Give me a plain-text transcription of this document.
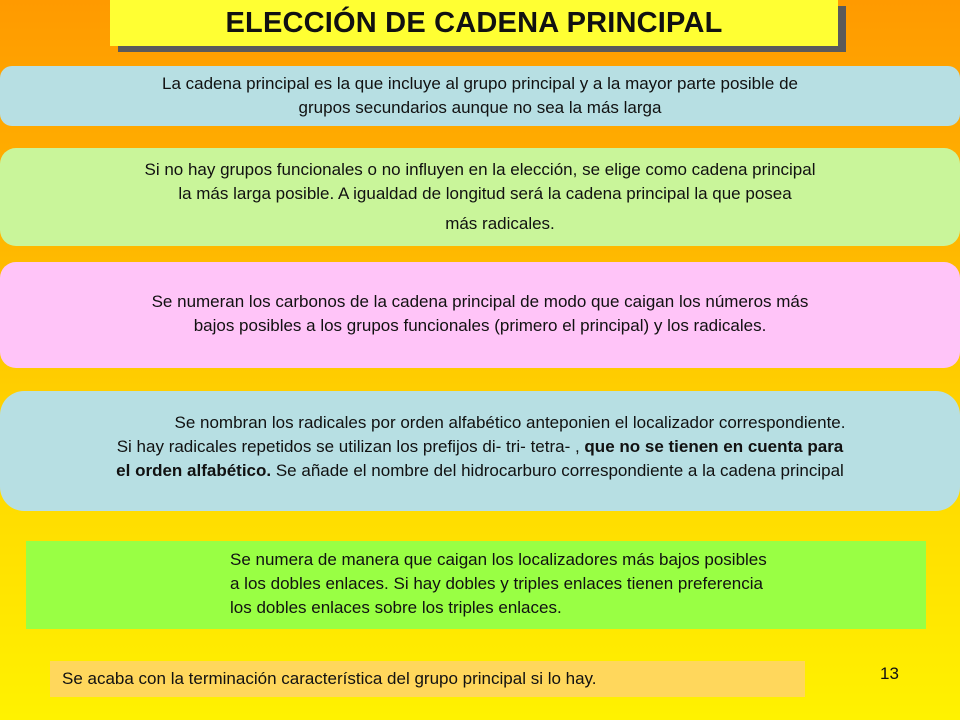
ELECCIÓN DE CADENA PRINCIPAL

La cadena principal es la que incluye al grupo principal y a la mayor parte posible de

grupos secundarios aunque no sea la más larga

Si no hay grupos funcionales o no influyen en la elección, se elige como cadena principal

la más larga posible. A igualdad de longitud será la cadena principal la que posea

más radicales.

Se numeran los carbonos de la cadena principal de modo que caigan los números más

bajos posibles a los grupos funcionales (primero el principal) y los radicales.

Se nombran los radicales por orden alfabético anteponien el localizador correspondiente.

Si hay radicales repetidos se utilizan los prefijos di- tri- tetra- , que no se tienen en cuenta para

el orden alfabético. Se añade el nombre del hidrocarburo correspondiente a la cadena principal

Se numera de manera que caigan los localizadores más bajos posibles

a los dobles enlaces. Si hay dobles y triples enlaces tienen preferencia

los dobles enlaces sobre los triples enlaces.

Se acaba con la terminación característica del grupo principal si lo hay.	13
